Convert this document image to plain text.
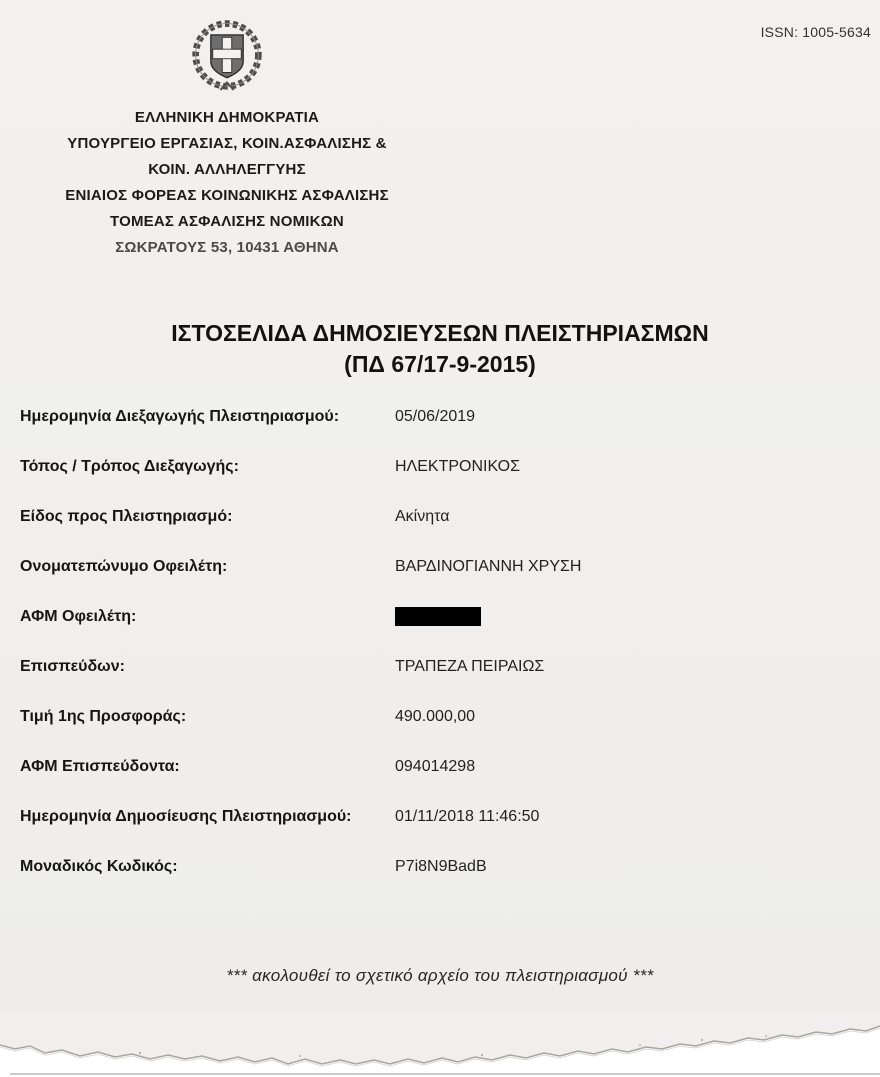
ISSN: 1005-5634
ΕΛΛΗΝΙΚΗ ΔΗΜΟΚΡΑΤΙΑ
ΥΠΟΥΡΓΕΙΟ ΕΡΓΑΣΙΑΣ, ΚΟΙΝ.ΑΣΦΑΛΙΣΗΣ &
ΚΟΙΝ. ΑΛΛΗΛΕΓΓΥΗΣ
ΕΝΙΑΙΟΣ ΦΟΡΕΑΣ ΚΟΙΝΩΝΙΚΗΣ ΑΣΦΑΛΙΣΗΣ
ΤΟΜΕΑΣ ΑΣΦΑΛΙΣΗΣ ΝΟΜΙΚΩΝ
ΣΩΚΡΑΤΟΥΣ 53, 10431 ΑΘΗΝΑ
ΙΣΤΟΣΕΛΙΔΑ ΔΗΜΟΣΙΕΥΣΕΩΝ ΠΛΕΙΣΤΗΡΙΑΣΜΩΝ
(ΠΔ 67/17-9-2015)
Ημερομηνία Διεξαγωγής Πλειστηριασμού:	05/06/2019
Τόπος / Τρόπος Διεξαγωγής:	ΗΛΕΚΤΡΟΝΙΚΟΣ
Είδος προς Πλειστηριασμό:	Ακίνητα
Ονοματεπώνυμο Οφειλέτη:	ΒΑΡΔΙΝΟΓΙΑΝΝΗ ΧΡΥΣΗ
ΑΦΜ Οφειλέτη:
Επισπεύδων:	ΤΡΑΠΕΖΑ ΠΕΙΡΑΙΩΣ
Τιμή 1ης Προσφοράς:	490.000,00
ΑΦΜ Επισπεύδοντα:	094014298
Ημερομηνία Δημοσίευσης Πλειστηριασμού:	01/11/2018 11:46:50
Μοναδικός Κωδικός:	P7i8N9BadB
*** ακολουθεί το σχετικό αρχείο του πλειστηριασμού ***
